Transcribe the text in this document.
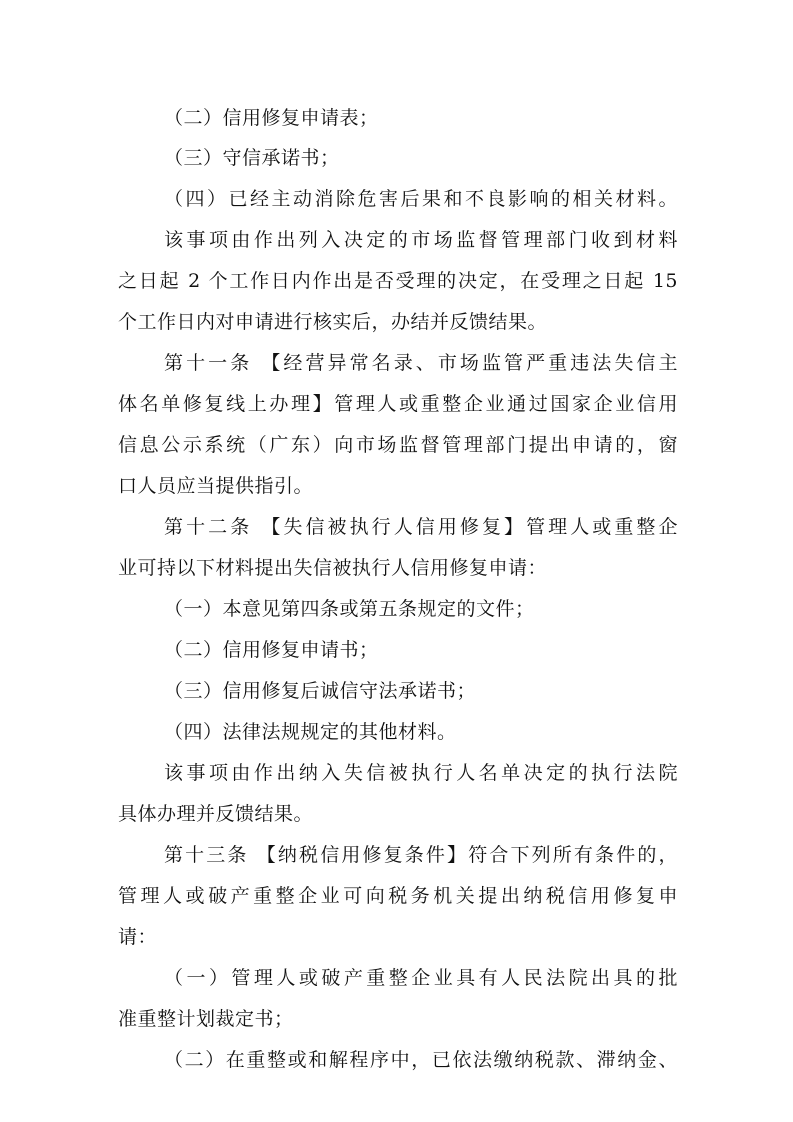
（二）信用修复申请表；
（三）守信承诺书；
（四）已经主动消除危害后果和不良影响的相关材料。
该事项由作出列入决定的市场监督管理部门收到材料
之日起 2 个工作日内作出是否受理的决定，在受理之日起 15
个工作日内对申请进行核实后，办结并反馈结果。
第十一条 【经营异常名录、市场监管严重违法失信主
体名单修复线上办理】管理人或重整企业通过国家企业信用
信息公示系统（广东）向市场监督管理部门提出申请的，窗
口人员应当提供指引。
第十二条 【失信被执行人信用修复】管理人或重整企
业可持以下材料提出失信被执行人信用修复申请：
（一）本意见第四条或第五条规定的文件；
（二）信用修复申请书；
（三）信用修复后诚信守法承诺书；
（四）法律法规规定的其他材料。
该事项由作出纳入失信被执行人名单决定的执行法院
具体办理并反馈结果。
第十三条 【纳税信用修复条件】符合下列所有条件的，
管理人或破产重整企业可向税务机关提出纳税信用修复申
请：
（一）管理人或破产重整企业具有人民法院出具的批
准重整计划裁定书；
（二）在重整或和解程序中，已依法缴纳税款、滞纳金、
